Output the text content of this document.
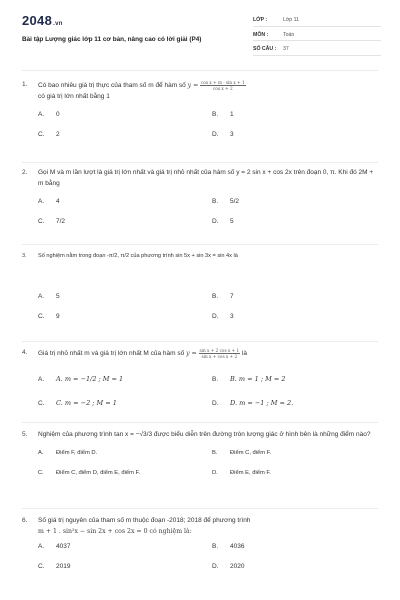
2048.vn
Bài tập Lượng giác lớp 11 cơ bản, nâng cao có lời giải (P4)
LỚP :	Lớp 11
MÔN :	Toán
SỐ CÂU : 37
1. Có bao nhiêu giá trị thực của tham số m để hàm số $y = \frac{\text{cos x + m · sin x + 1}}{\text{cos x + 2}}$

có giá trị lớn nhất bằng 1
A. 0	B. 1
C. 2	D. 3
2. Gọi M và m lần lượt là giá trị lớn nhất và giá trị nhỏ nhất của hàm số y = 2 sin x + cos 2x trên đoạn 0, π. Khi đó 2M + m bằng
A. 4	B. 5/2
C. 7/2	D. 5
3. Số nghiệm nằm trong đoạn -π/2, π/2 của phương trình sin 5x + sin 3x = sin 4x là
A. 5	B. 7
C. 9	D. 3
4. Giá trị nhỏ nhất m và giá trị lớn nhất M của hàm số $y = \frac{\text{sin x + 2 cos x + 1}}{\text{sin x + cos x + 2}}$ là
A. A. m = −1/2 ; M = 1	B. B. m = 1 ; M = 2
C. C. m = −2 ; M = 1	D. D. m = −1 ; M = 2.
5. Nghiệm của phương trình tan x = −√3/3 được biểu diễn trên đường tròn lượng giác ở hình bên là những điểm nào?
A. Điểm F, điểm D.	B. Điểm C, điểm F.
C. Điểm C, điểm D, điểm E, điểm F.	D. Điểm E, điểm F.
6. Số giá trị nguyên của tham số m thuộc đoạn -2018; 2018 để phương trình
m + 1 . sin²x − sin 2x + cos 2x = 0 có nghiệm là:
A. 4037	B. 4036
C. 2019	D. 2020
